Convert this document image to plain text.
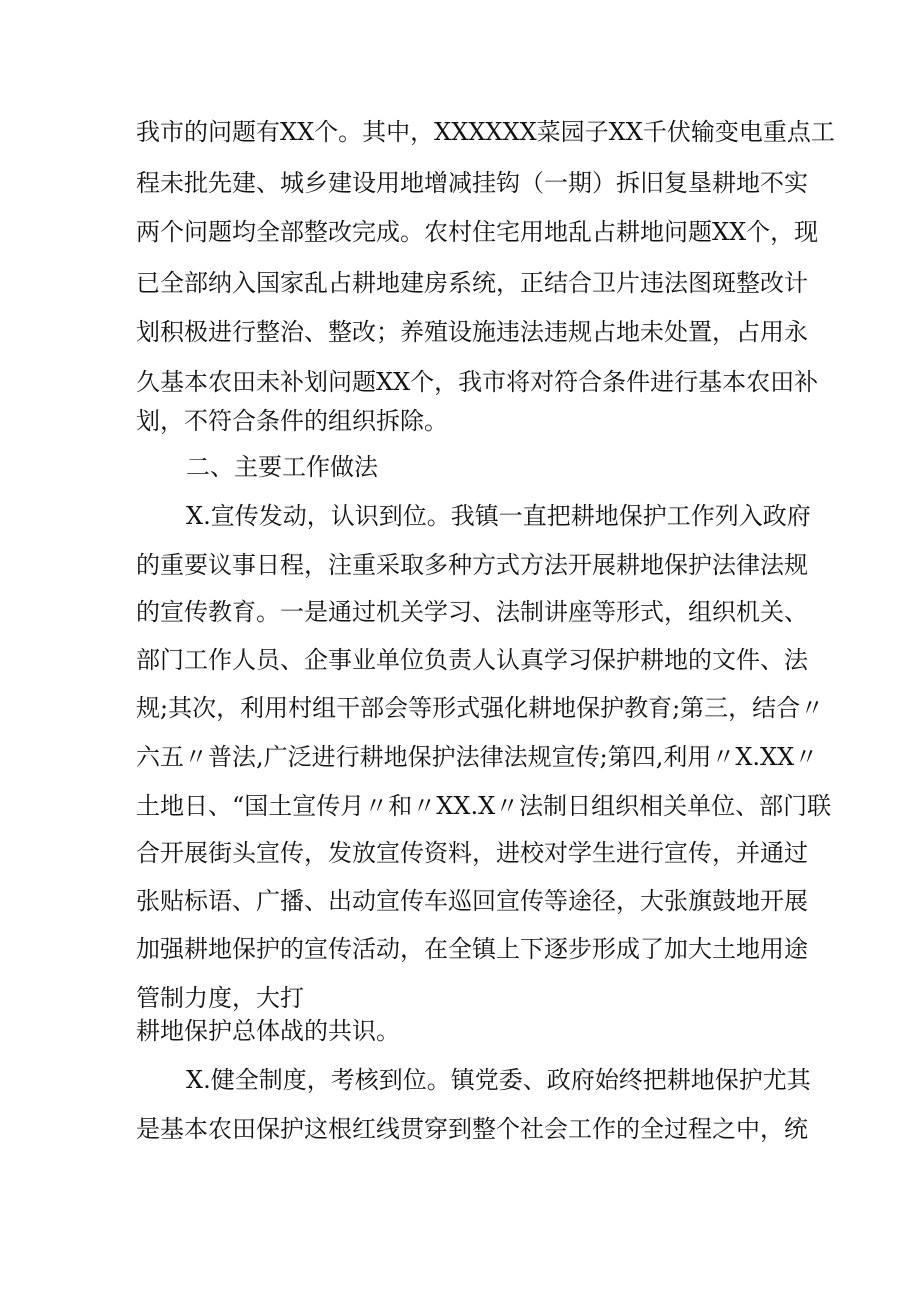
我市的问题有XX个。其中，XXXXXX菜园子XX千伏输变电重点工
程未批先建、城乡建设用地增减挂钩（一期）拆旧复垦耕地不实
两个问题均全部整改完成。农村住宅用地乱占耕地问题XX个，现
已全部纳入国家乱占耕地建房系统，正结合卫片违法图斑整改计
划积极进行整治、整改；养殖设施违法违规占地未处置，占用永
久基本农田未补划问题XX个，我市将对符合条件进行基本农田补
划，不符合条件的组织拆除。
二、主要工作做法
X.宣传发动，认识到位。我镇一直把耕地保护工作列入政府
的重要议事日程，注重采取多种方式方法开展耕地保护法律法规
的宣传教育。一是通过机关学习、法制讲座等形式，组织机关、
部门工作人员、企事业单位负责人认真学习保护耕地的文件、法
规;其次，利用村组干部会等形式强化耕地保护教育;第三，结合〃
六五〃普法,广泛进行耕地保护法律法规宣传;第四,利用〃X.XX〃
土地日、“国土宣传月〃和〃XX.X〃法制日组织相关单位、部门联
合开展街头宣传，发放宣传资料，进校对学生进行宣传，并通过
张贴标语、广播、出动宣传车巡回宣传等途径，大张旗鼓地开展
加强耕地保护的宣传活动，在全镇上下逐步形成了加大土地用途
管制力度，大打
耕地保护总体战的共识。
X.健全制度，考核到位。镇党委、政府始终把耕地保护尤其
是基本农田保护这根红线贯穿到整个社会工作的全过程之中，统
